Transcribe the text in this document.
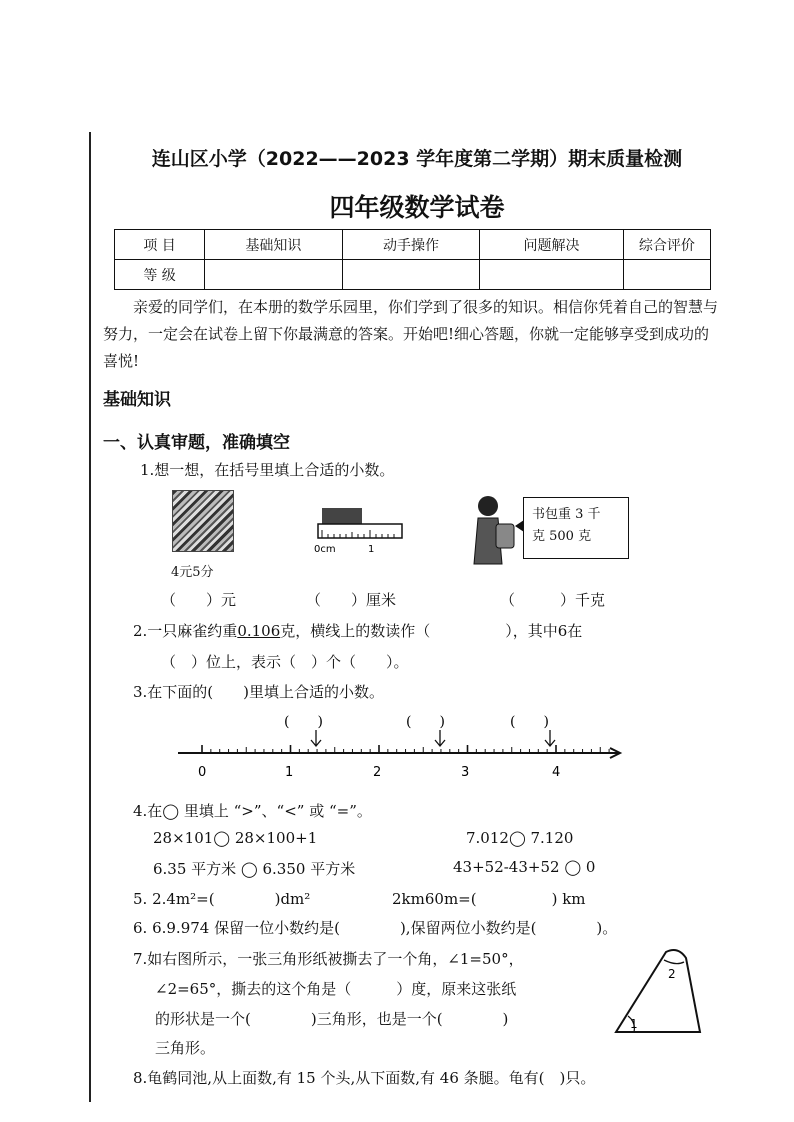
连山区小学（2022——2023 学年度第二学期）期末质量检测
四年级数学试卷
项 目	基础知识	动手操作	问题解决	综合评价
等 级				
亲爱的同学们，在本册的数学乐园里，你们学到了很多的知识。相信你凭着自己的智慧与努力，一定会在试卷上留下你最满意的答案。开始吧!细心答题，你就一定能够享受到成功的喜悦!
基础知识
一、认真审题，准确填空
1.想一想，在括号里填上合适的小数。
4元5分
0cm	1
书包重 3 千
克 500 克
（　　）元	（　　）厘米	（　　　）千克
2.一只麻雀约重0.106克，横线上的数读作（　　　　　），其中6在
（　）位上，表示（　）个（　　）。
3.在下面的(　　)里填上合适的小数。
(　　)	(　　)	(　　)
0	1	2	3	4
4.在◯ 里填上 “>”、“<” 或 “=”。
28×101◯ 28×100+1	7.012◯ 7.120
6.35 平方米 ◯ 6.350 平方米	43+52-43+52 ◯ 0
5. 2.4m²=(　　　　)dm²	2km60m=(　　　　　) km
6. 6.9.974 保留一位小数约是(　　　　),保留两位小数约是(　　　　)。
7.如右图所示，一张三角形纸被撕去了一个角，∠1=50°，
∠2=65°，撕去的这个角是（　　　）度，原来这张纸
的形状是一个(　　　　)三角形，也是一个(　　　　)
三角形。
1
2
8.龟鹤同池,从上面数,有 15 个头,从下面数,有 46 条腿。龟有(　)只。
